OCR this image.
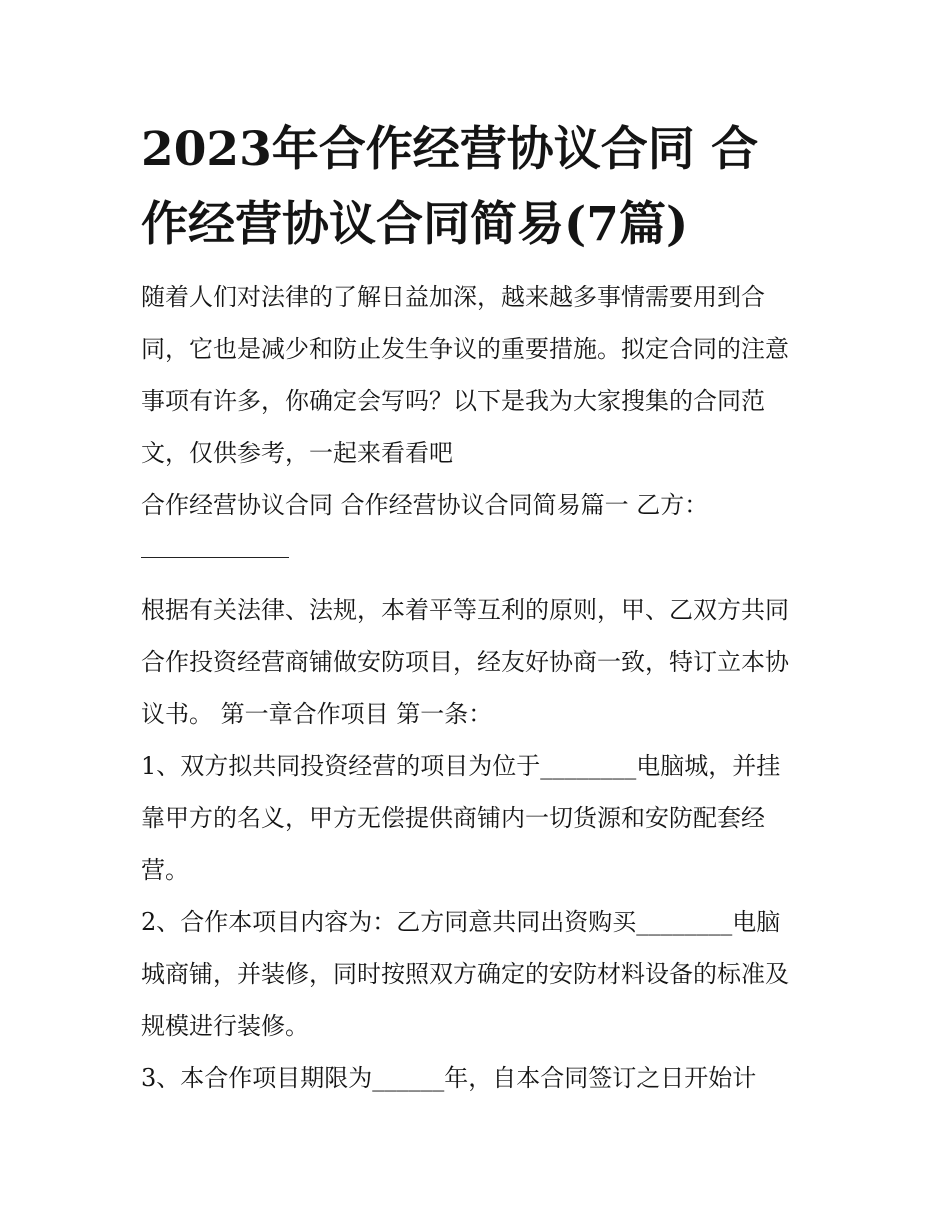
2023年合作经营协议合同 合
作经营协议合同简易(7篇)
随着人们对法律的了解日益加深，越来越多事情需要用到合
同，它也是减少和防止发生争议的重要措施。拟定合同的注意
事项有许多，你确定会写吗？以下是我为大家搜集的合同范
文，仅供参考，一起来看看吧
合作经营协议合同 合作经营协议合同简易篇一 乙方：
根据有关法律、法规，本着平等互利的原则，甲、乙双方共同
合作投资经营商铺做安防项目，经友好协商一致，特订立本协
议书。 第一章合作项目 第一条：
1、双方拟共同投资经营的项目为位于________电脑城，并挂
靠甲方的名义，甲方无偿提供商铺内一切货源和安防配套经
营。
2、合作本项目内容为：乙方同意共同出资购买________电脑
城商铺，并装修，同时按照双方确定的安防材料设备的标准及
规模进行装修。
3、本合作项目期限为______年，自本合同签订之日开始计
